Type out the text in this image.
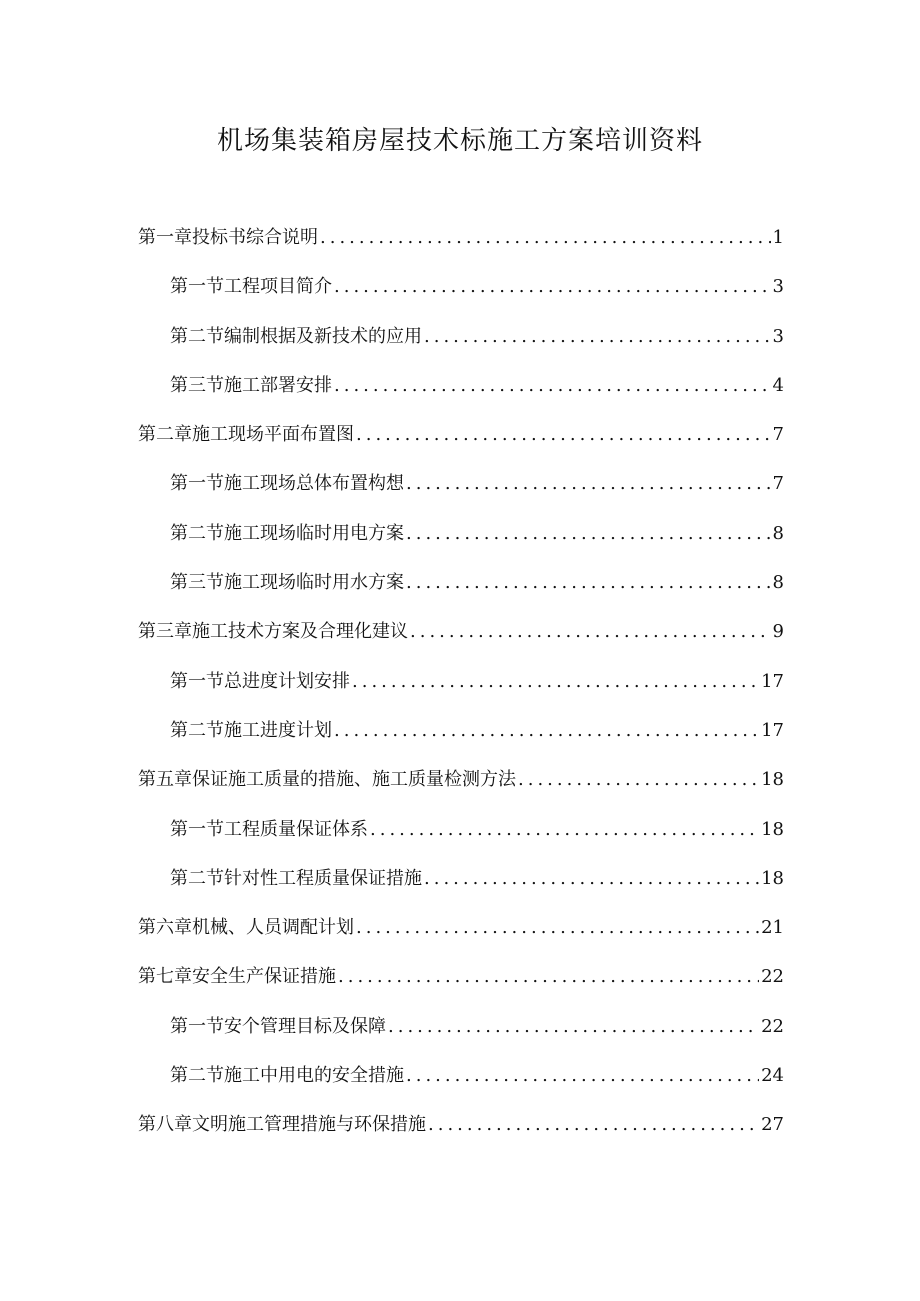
机场集装箱房屋技术标施工方案培训资料
第一章投标书综合说明 .....	1
第一节工程项目简介 .....	3
第二节编制根据及新技术的应用 .....	3
第三节施工部署安排 .....	4
第二章施工现场平面布置图 .....	7
第一节施工现场总体布置构想 .....	7
第二节施工现场临时用电方案 .....	8
第三节施工现场临时用水方案 .....	8
第三章施工技术方案及合理化建议 .....	9
第一节总进度计划安排 .....	17
第二节施工进度计划 .....	17
第五章保证施工质量的措施、施工质量检测方法 .....	18
第一节工程质量保证体系 .....	18
第二节针对性工程质量保证措施 .....	18
第六章机械、人员调配计划 .....	21
第七章安全生产保证措施 .....	22
第一节安个管理目标及保障 .....	22
第二节施工中用电的安全措施 .....	24
第八章文明施工管理措施与环保措施 .....	27
